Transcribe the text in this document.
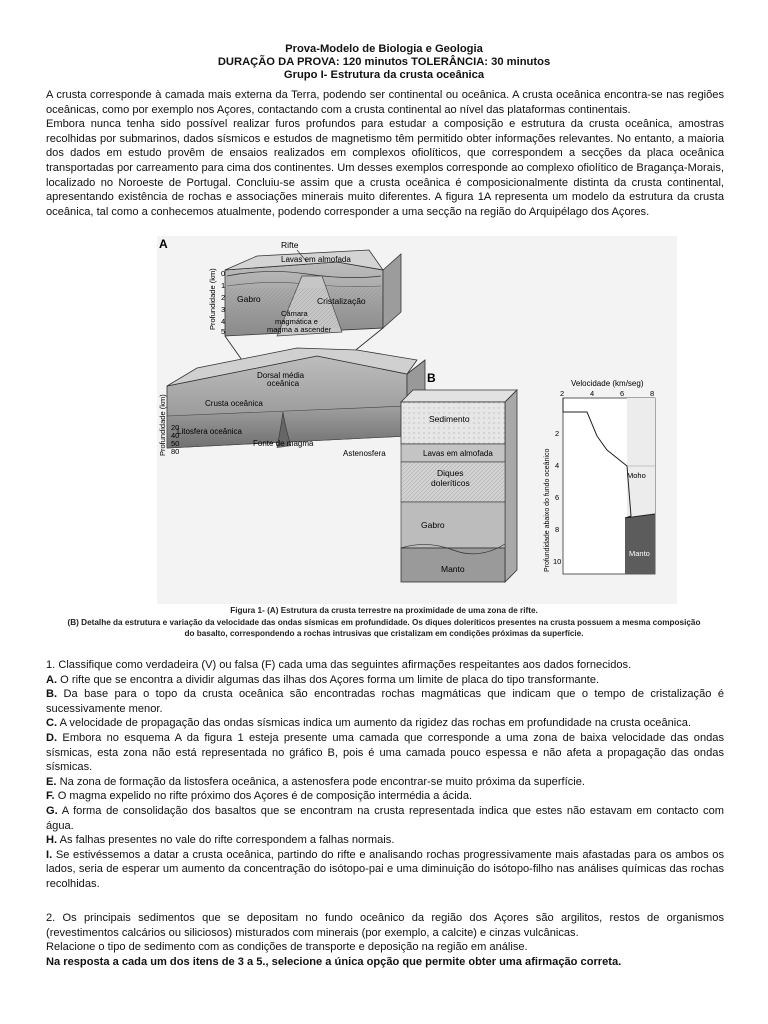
Prova-Modelo de Biologia e Geologia
DURAÇÃO DA PROVA: 120 minutos TOLERÂNCIA: 30 minutos
Grupo I- Estrutura da crusta oceânica

A crusta corresponde à camada mais externa da Terra, podendo ser continental ou oceânica. A crusta oceânica encontra-se nas regiões oceânicas, como por exemplo nos Açores, contactando com a crusta continental ao nível das plataformas continentais.

Embora nunca tenha sido possível realizar furos profundos para estudar a composição e estrutura da crusta oceânica, amostras recolhidas por submarinos, dados sísmicos e estudos de magnetismo têm permitido obter informações relevantes. No entanto, a maioria dos dados em estudo provêm de ensaios realizados em complexos ofiolíticos, que correspondem a secções da placa oceânica transportadas por carreamento para cima dos continentes. Um desses exemplos corresponde ao complexo ofiolítico de Bragança-Morais, localizado no Noroeste de Portugal. Concluiu-se assim que a crusta oceânica é composicionalmente distinta da crusta continental, apresentando existência de rochas e associações minerais muito diferentes. A figura 1A representa um modelo da estrutura da crusta oceânica, tal como a conhecemos atualmente, podendo corresponder a uma secção na região do Arquipélago dos Açores.

A	Rifte
Lavas em almofada
Gabro	Cristalização
Câmara
magmática e
magma a ascender
Profundidade (km) 0
1
2
3
4
5
Dorsal média
oceânica
Crusta oceânica
Litosfera oceânica
Fonte de magma
Astenosfera
Profundidade (km) 20
40
50
80
B
Sedimento
Lavas em almofada
Diques
doleríticos
Gabro
Manto
Velocidade (km/seg)
Moho
Manto
Profundidade abaixo do fundo oceânico
2	4	6	8
2
4
6
8
10
Figura 1- (A) Estrutura da crusta terrestre na proximidade de uma zona de rifte.
(B) Detalhe da estrutura e variação da velocidade das ondas sísmicas em profundidade. Os diques doleríticos presentes na crusta possuem a mesma composição
do basalto, correspondendo a rochas intrusivas que cristalizam em condições próximas da superfície.

1. Classifique como verdadeira (V) ou falsa (F) cada uma das seguintes afirmações respeitantes aos dados fornecidos.

A. O rifte que se encontra a dividir algumas das ilhas dos Açores forma um limite de placa do tipo transformante.

B. Da base para o topo da crusta oceânica são encontradas rochas magmáticas que indicam que o tempo de cristalização é sucessivamente menor.

C. A velocidade de propagação das ondas sísmicas indica um aumento da rigidez das rochas em profundidade na crusta oceânica.

D. Embora no esquema A da figura 1 esteja presente uma camada que corresponde a uma zona de baixa velocidade das ondas sísmicas, esta zona não está representada no gráfico B, pois é uma camada pouco espessa e não afeta a propagação das ondas sísmicas.

E. Na zona de formação da listosfera oceânica, a astenosfera pode encontrar-se muito próxima da superfície.

F. O magma expelido no rifte próximo dos Açores é de composição intermédia a ácida.

G. A forma de consolidação dos basaltos que se encontram na crusta representada indica que estes não estavam em contacto com água.

H. As falhas presentes no vale do rifte correspondem a falhas normais.

I. Se estivéssemos a datar a crusta oceânica, partindo do rifte e analisando rochas progressivamente mais afastadas para os ambos os lados, seria de esperar um aumento da concentração do isótopo-pai e uma diminuição do isótopo-filho nas análises químicas das rochas recolhidas.

2. Os principais sedimentos que se depositam no fundo oceânico da região dos Açores são argilitos, restos de organismos (revestimentos calcários ou siliciosos) misturados com minerais (por exemplo, a calcite) e cinzas vulcânicas.

Relacione o tipo de sedimento com as condições de transporte e deposição na região em análise.

Na resposta a cada um dos itens de 3 a 5., selecione a única opção que permite obter uma afirmação correta.
